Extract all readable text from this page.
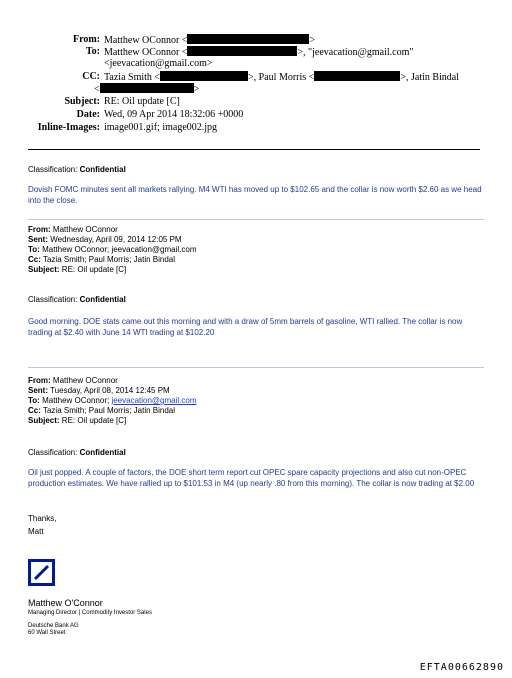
From: Matthew OConnor <	>
To: Matthew OConnor <	>, "jeevacation@gmail.com"
<jeevacation@gmail.com>
CC: Tazia Smith <	>, Paul Morris <	>, Jatin Bindal
<	>
Subject: RE: Oil update [C]
Date: Wed, 09 Apr 2014 18:32:06 +0000
Inline-Images: image001.gif; image002.jpg
Classification: Confidential
Dovish FOMC minutes sent all markets rallying. M4 WTI has moved up to $102.65 and the collar is now worth $2.60 as we head into the close.
From: Matthew OConnor
Sent: Wednesday, April 09, 2014 12:05 PM
To: Matthew OConnor; jeevacation@gmail.com
Cc: Tazia Smith; Paul Morris; Jatin Bindal
Subject: RE: Oil update [C]
Classification: Confidential
Good morning. DOE stats came out this morning and with a draw of 5mm barrels of gasoline, WTI rallied. The collar is now trading at $2.40 with June 14 WTI trading at $102.20
From: Matthew OConnor
Sent: Tuesday, April 08, 2014 12:45 PM
To: Matthew OConnor; jeevacation@gmail.com
Cc: Tazia Smith; Paul Morris; Jatin Bindal
Subject: RE: Oil update [C]
Classification: Confidential
Oil just popped. A couple of factors, the DOE short term report cut OPEC spare capacity projections and also cut non-OPEC production estimates. We have rallied up to $101.53 in M4 (up nearly .80 from this morning). The collar is now trading at $2.00
Thanks,
Matt
Matthew O'Connor
Managing Director | Commodity Investor Sales
Deutsche Bank AG
60 Wall Street
EFTA00662890
